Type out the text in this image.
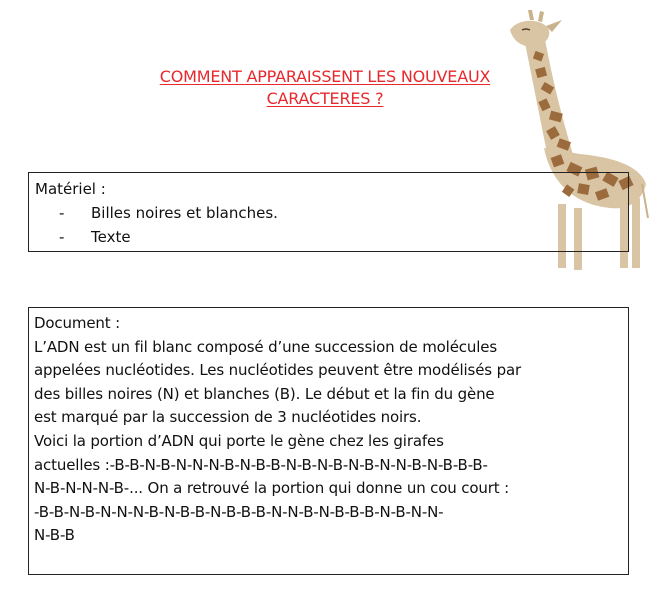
COMMENT APPARAISSENT LES NOUVEAUX
CARACTERES ?
Matériel :
- Billes noires et blanches.
- Texte

Document :

L’ADN est un fil blanc composé d’une succession de molécules

appelées nucléotides. Les nucléotides peuvent être modélisés par

des billes noires (N) et blanches (B). Le début et la fin du gène

est marqué par la succession de 3 nucléotides noirs.

Voici la portion d’ADN qui porte le gène chez les girafes

actuelles :-B-B-N-B-N-N-N-B-N-B-B-N-B-N-B-N-B-N-N-B-N-B-B-B-

N-B-N-N-N-B-... On a retrouvé la portion qui donne un cou court :

-B-B-N-B-N-N-N-B-N-B-B-N-B-B-B-N-N-B-N-B-B-B-N-B-N-N-

N-B-B
